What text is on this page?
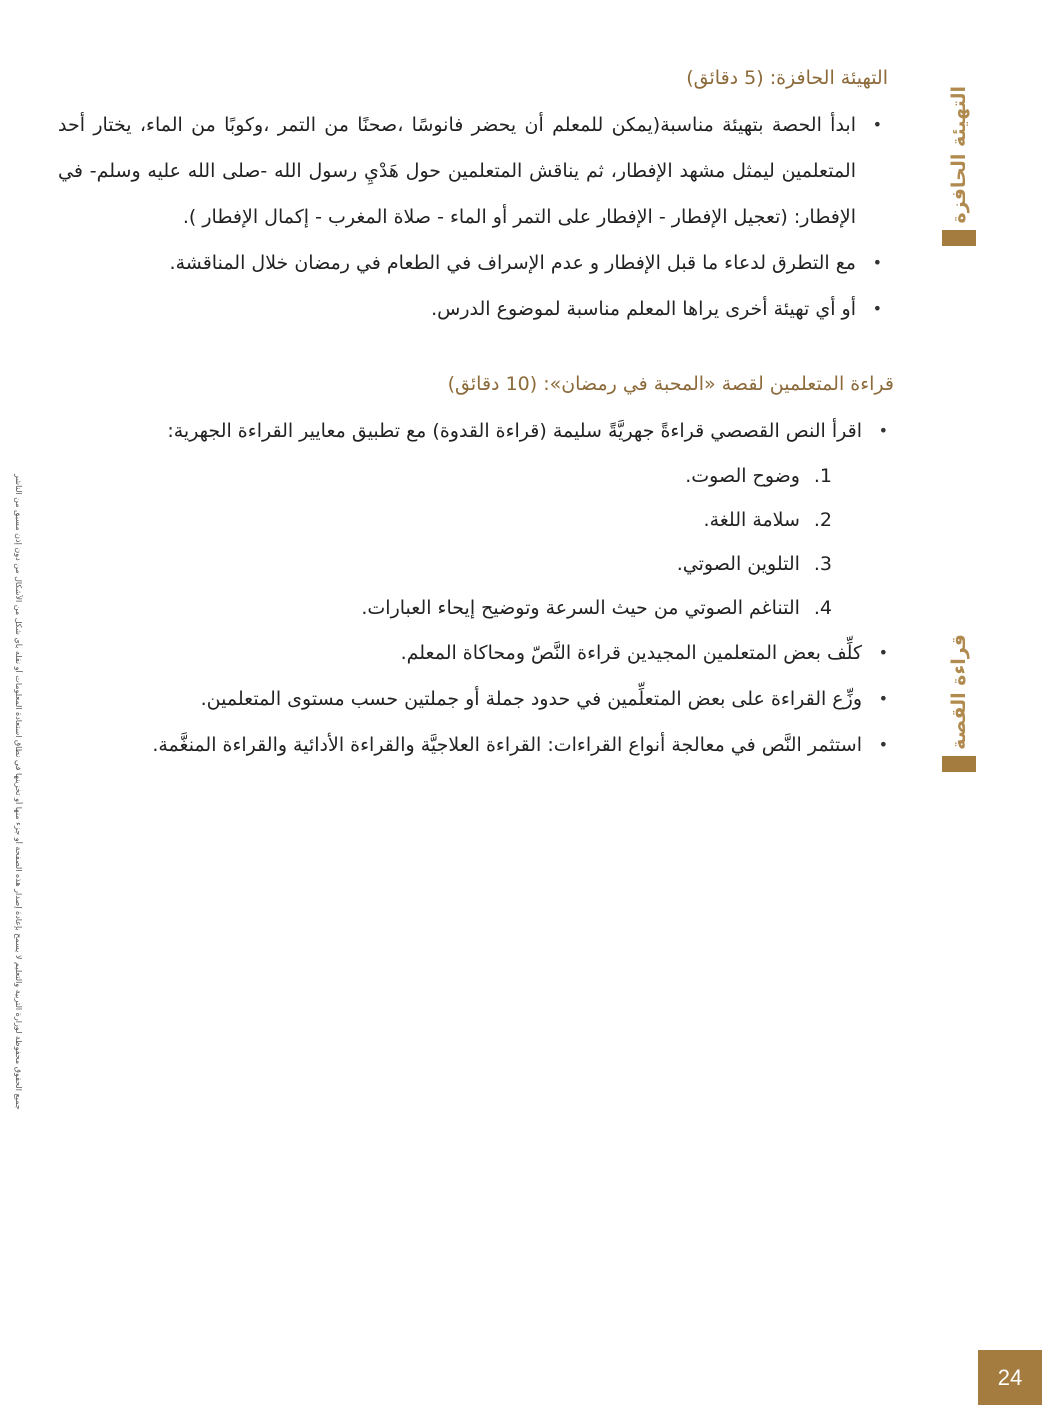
التهيئة الحافزة
قراءة القصة
جميع الحقوق محفوظة لوزارة التربية والتعليم لا يسمح بإعادة إصدار هذه الصفحة أو جزء منها أو تخزينها في نطاق استعادة المعلومات أو نقله بأي شكل من الأشكال من دون إذن مسبق من الناشر
التهيئة الحافزة: (5 دقائق)
• ابدأ الحصة بتهيئة مناسبة(يمكن للمعلم أن يحضر فانوسًا ،صحنًا من التمر ،وكوبًا من الماء، يختار أحد المتعلمين ليمثل مشهد الإفطار، ثم يناقش المتعلمين حول هَدْيِ رسول الله -صلى الله عليه وسلم- في الإفطار: (تعجيل الإفطار - الإفطار على التمر أو الماء - صلاة المغرب - إكمال الإفطار ).
• مع التطرق لدعاء ما قبل الإفطار و عدم الإسراف في الطعام في رمضان خلال المناقشة.
• أو أي تهيئة أخرى يراها المعلم مناسبة لموضوع الدرس.
قراءة المتعلمين لقصة «المحبة في رمضان»: (10 دقائق)
• اقرأ النص القصصي قراءةً جهريَّةً سليمة (قراءة القدوة) مع تطبيق معايير القراءة الجهرية:
1. وضوح الصوت.
2. سلامة اللغة.
3. التلوين الصوتي.
4. التناغم الصوتي من حيث السرعة وتوضيح إيحاء العبارات.
• كلِّف بعض المتعلمين المجيدين قراءة النَّصّ ومحاكاة المعلم.
• وزِّع القراءة على بعض المتعلِّمين في حدود جملة أو جملتين حسب مستوى المتعلمين.
• استثمر النَّص في معالجة أنواع القراءات: القراءة العلاجيَّة والقراءة الأدائية والقراءة المنغَّمة.
24
